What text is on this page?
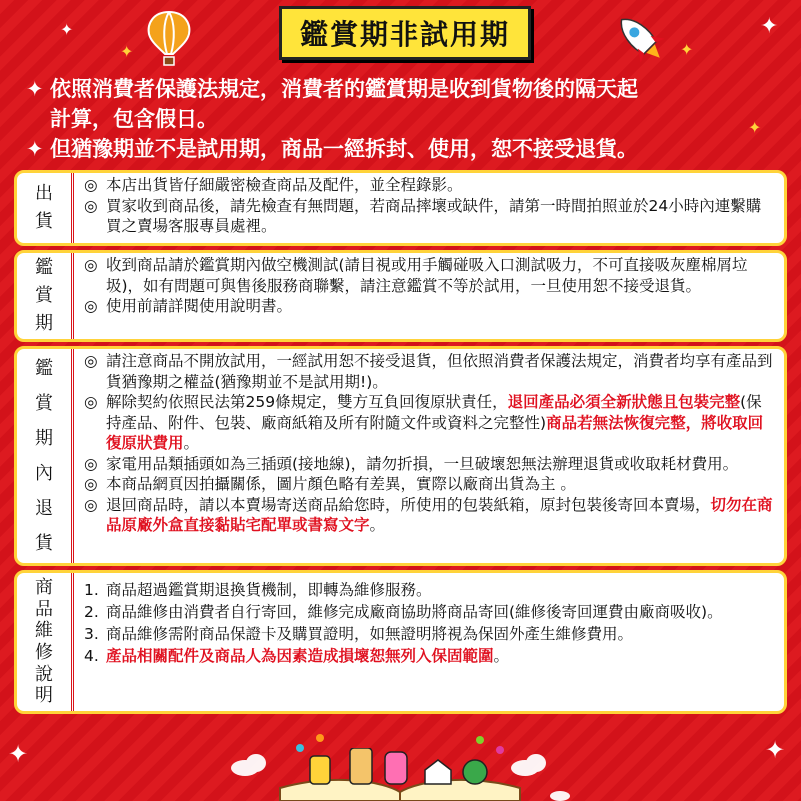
✦
✦
✦
✦
✦
✦	✦
鑑賞期非試用期
✦ 依照消費者保護法規定，消費者的鑑賞期是收到貨物後的隔天起
計算，包含假日。
✦ 但猶豫期並不是試用期，商品一經拆封、使用，恕不接受退貨。
出
貨
◎ 本店出貨皆仔細嚴密檢查商品及配件，並全程錄影。
◎ 買家收到商品後，請先檢查有無問題，若商品摔壞或缺件，請第一時間拍照並於24小時內連繫購買之賣場客服專員處裡。
鑑
賞
期
◎ 收到商品請於鑑賞期內做空機測試(請目視或用手觸碰吸入口測試吸力，不可直接吸灰塵棉屑垃圾)，如有問題可與售後服務商聯繫，請注意鑑賞不等於試用，一旦使用恕不接受退貨。
◎ 使用前請詳閱使用說明書。
鑑
賞
期
內
退
貨
◎ 請注意商品不開放試用，一經試用恕不接受退貨，但依照消費者保護法規定，消費者均享有產品到貨猶豫期之權益(猶豫期並不是試用期!)。
◎ 解除契約依照民法第259條規定，雙方互負回復原狀責任，退回產品必須全新狀態且包裝完整(保持產品、附件、包裝、廠商紙箱及所有附隨文件或資料之完整性)商品若無法恢復完整，將收取回復原狀費用。
◎ 家電用品類插頭如為三插頭(接地線)，請勿折損，一旦破壞恕無法辦理退貨或收取耗材費用。
◎ 本商品網頁因拍攝關係，圖片顏色略有差異，實際以廠商出貨為主 。
◎ 退回商品時，請以本賣場寄送商品給您時，所使用的包裝紙箱，原封包裝後寄回本賣場，切勿在商品原廠外盒直接黏貼宅配單或書寫文字。
商
品
維
修
說
明
1. 商品超過鑑賞期退換貨機制，即轉為維修服務。
2. 商品維修由消費者自行寄回，維修完成廠商協助將商品寄回(維修後寄回運費由廠商吸收)。
3. 商品維修需附商品保證卡及購買證明，如無證明將視為保固外產生維修費用。
4. 產品相關配件及商品人為因素造成損壞恕無列入保固範圍。
